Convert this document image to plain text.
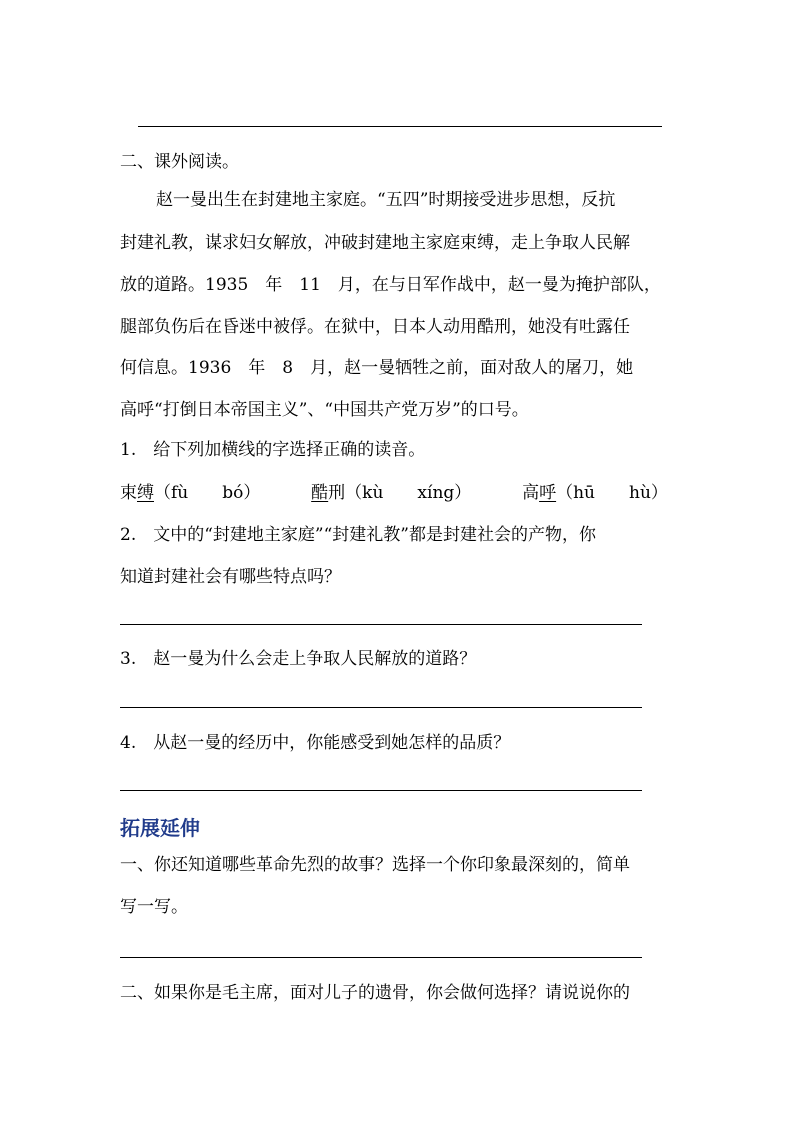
二、课外阅读。
赵一曼出生在封建地主家庭。“五四”时期接受进步思想，反抗
封建礼教，谋求妇女解放，冲破封建地主家庭束缚，走上争取人民解
放的道路。1935　年　11　月，在与日军作战中，赵一曼为掩护部队，
腿部负伤后在昏迷中被俘。在狱中，日本人动用酷刑，她没有吐露任
何信息。1936　年　8　月，赵一曼牺牲之前，面对敌人的屠刀，她
高呼“打倒日本帝国主义”、“中国共产党万岁”的口号。
1.　给下列加横线的字选择正确的读音。
束缚（fù　　bó）	酷刑（kù　　xíng）	高呼（hū　　hù）
2.　文中的“封建地主家庭”“封建礼教”都是封建社会的产物，你
知道封建社会有哪些特点吗？
3.　赵一曼为什么会走上争取人民解放的道路？
4.　从赵一曼的经历中，你能感受到她怎样的品质？
拓展延伸
一、你还知道哪些革命先烈的故事？选择一个你印象最深刻的，简单
写一写。
二、如果你是毛主席，面对儿子的遗骨，你会做何选择？请说说你的
